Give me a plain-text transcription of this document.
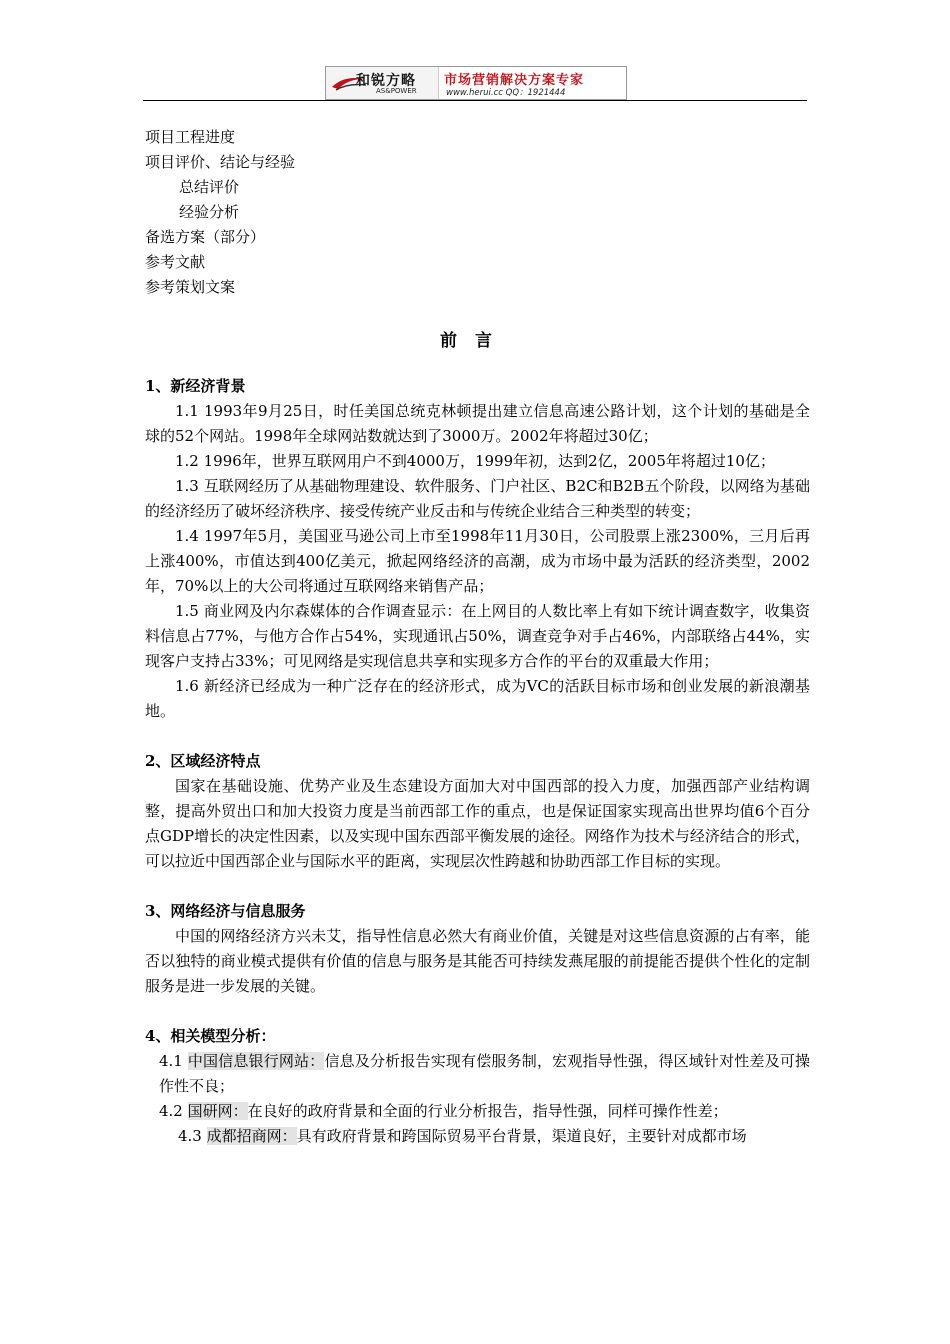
和锐方略
AS&POWER
市场营销解决方案专家
www.herui.cc QQ：1921444
项目工程进度
项目评价、结论与经验
总结评价
经验分析
备选方案（部分）
参考文献
参考策划文案
前言
1、新经济背景

1.1 1993年9月25日，时任美国总统克林顿提出建立信息高速公路计划，这个计划的基础是全球的52个网站。1998年全球网站数就达到了3000万。2002年将超过30亿；

1.2 1996年，世界互联网用户不到4000万，1999年初，达到2亿，2005年将超过10亿；

1.3 互联网经历了从基础物理建设、软件服务、门户社区、B2C和B2B五个阶段，以网络为基础的经济经历了破坏经济秩序、接受传统产业反击和与传统企业结合三种类型的转变；

1.4 1997年5月，美国亚马逊公司上市至1998年11月30日，公司股票上涨2300%，三月后再上涨400%，市值达到400亿美元，掀起网络经济的高潮，成为市场中最为活跃的经济类型，2002年，70%以上的大公司将通过互联网络来销售产品；

1.5 商业网及内尔森媒体的合作调查显示：在上网目的人数比率上有如下统计调查数字，收集资料信息占77%，与他方合作占54%，实现通讯占50%，调查竞争对手占46%，内部联络占44%，实现客户支持占33%；可见网络是实现信息共享和实现多方合作的平台的双重最大作用；

1.6 新经济已经成为一种广泛存在的经济形式，成为VC的活跃目标市场和创业发展的新浪潮基地。

2、区域经济特点

国家在基础设施、优势产业及生态建设方面加大对中国西部的投入力度，加强西部产业结构调整，提高外贸出口和加大投资力度是当前西部工作的重点，也是保证国家实现高出世界均值6个百分点GDP增长的决定性因素，以及实现中国东西部平衡发展的途径。网络作为技术与经济结合的形式，可以拉近中国西部企业与国际水平的距离，实现层次性跨越和协助西部工作目标的实现。

3、网络经济与信息服务

中国的网络经济方兴未艾，指导性信息必然大有商业价值，关键是对这些信息资源的占有率，能否以独特的商业模式提供有价值的信息与服务是其能否可持续发燕尾服的前提能否提供个性化的定制服务是进一步发展的关键。

4、相关模型分析：

4.1 中国信息银行网站：信息及分析报告实现有偿服务制，宏观指导性强，得区域针对性差及可操作性不良；

4.2 国研网：在良好的政府背景和全面的行业分析报告，指导性强，同样可操作性差；

4.3 成都招商网：具有政府背景和跨国际贸易平台背景，渠道良好，主要针对成都市场
